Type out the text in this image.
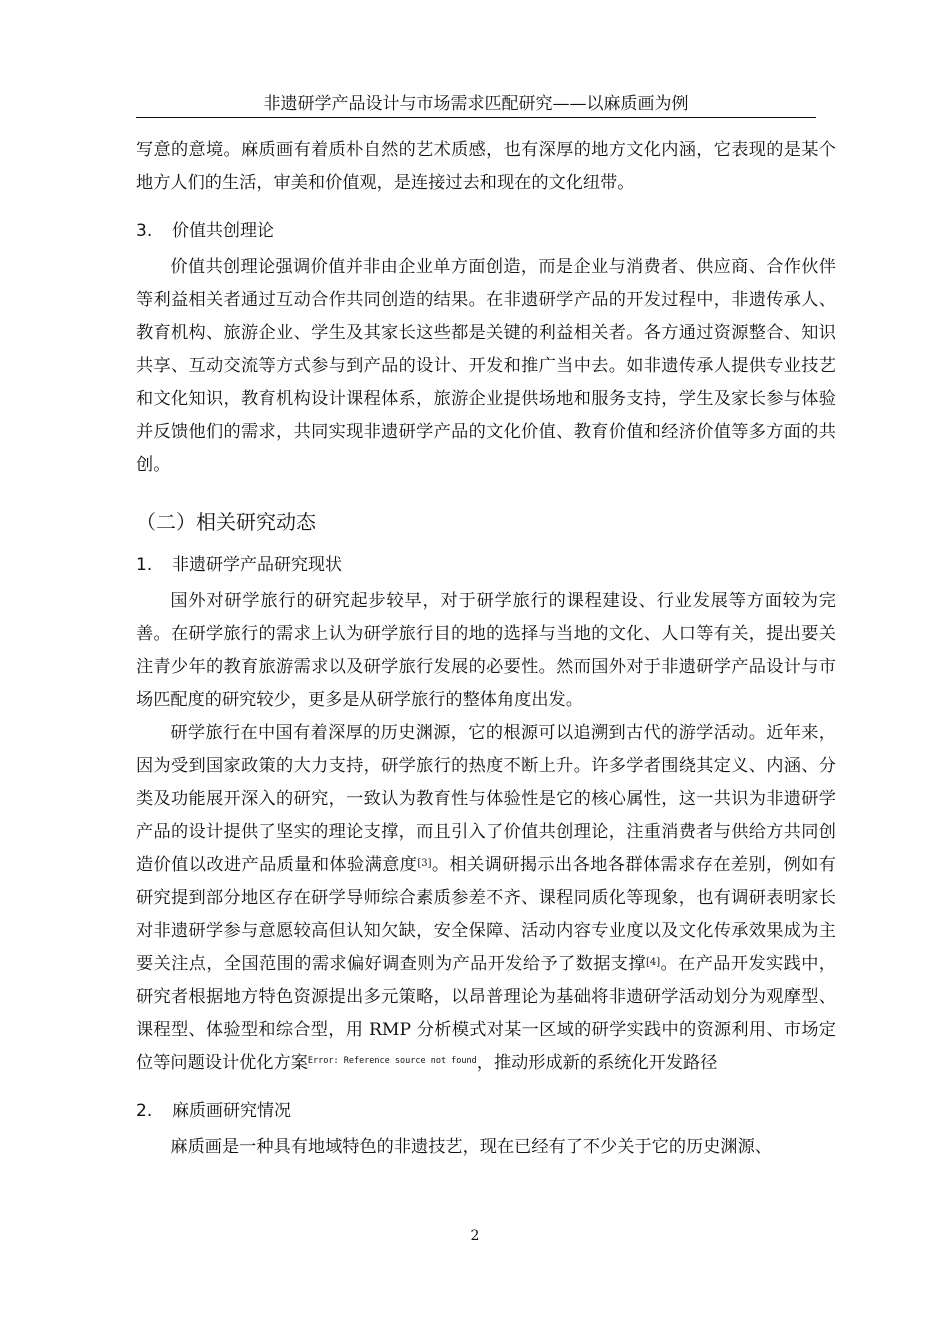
非遗研学产品设计与市场需求匹配研究——以麻质画为例

写意的意境。麻质画有着质朴自然的艺术质感，也有深厚的地方文化内涵，它表现的是某个地方人们的生活，审美和价值观，是连接过去和现在的文化纽带。

3.	价值共创理论

价值共创理论强调价值并非由企业单方面创造，而是企业与消费者、供应商、合作伙伴等利益相关者通过互动合作共同创造的结果。在非遗研学产品的开发过程中，非遗传承人、教育机构、旅游企业、学生及其家长这些都是关键的利益相关者。各方通过资源整合、知识共享、互动交流等方式参与到产品的设计、开发和推广当中去。如非遗传承人提供专业技艺和文化知识，教育机构设计课程体系，旅游企业提供场地和服务支持，学生及家长参与体验并反馈他们的需求，共同实现非遗研学产品的文化价值、教育价值和经济价值等多方面的共创。

（二）相关研究动态
1.	非遗研学产品研究现状

国外对研学旅行的研究起步较早，对于研学旅行的课程建设、行业发展等方面较为完善。在研学旅行的需求上认为研学旅行目的地的选择与当地的文化、人口等有关，提出要关注青少年的教育旅游需求以及研学旅行发展的必要性。然而国外对于非遗研学产品设计与市场匹配度的研究较少，更多是从研学旅行的整体角度出发。

研学旅行在中国有着深厚的历史渊源，它的根源可以追溯到古代的游学活动。近年来，因为受到国家政策的大力支持，研学旅行的热度不断上升。许多学者围绕其定义、内涵、分类及功能展开深入的研究，一致认为教育性与体验性是它的核心属性，这一共识为非遗研学产品的设计提供了坚实的理论支撑，而且引入了价值共创理论，注重消费者与供给方共同创造价值以改进产品质量和体验满意度[3]。相关调研揭示出各地各群体需求存在差别，例如有研究提到部分地区存在研学导师综合素质参差不齐、课程同质化等现象，也有调研表明家长对非遗研学参与意愿较高但认知欠缺，安全保障、活动内容专业度以及文化传承效果成为主要关注点，全国范围的需求偏好调查则为产品开发给予了数据支撑[4]。在产品开发实践中，研究者根据地方特色资源提出多元策略，以昂普理论为基础将非遗研学活动划分为观摩型、课程型、体验型和综合型，用 RMP 分析模式对某一区域的研学实践中的资源利用、市场定位等问题设计优化方案$^{Error: Reference source not found}$，推动形成新的系统化开发路径

2.	麻质画研究情况

麻质画是一种具有地域特色的非遗技艺，现在已经有了不少关于它的历史渊源、

2
